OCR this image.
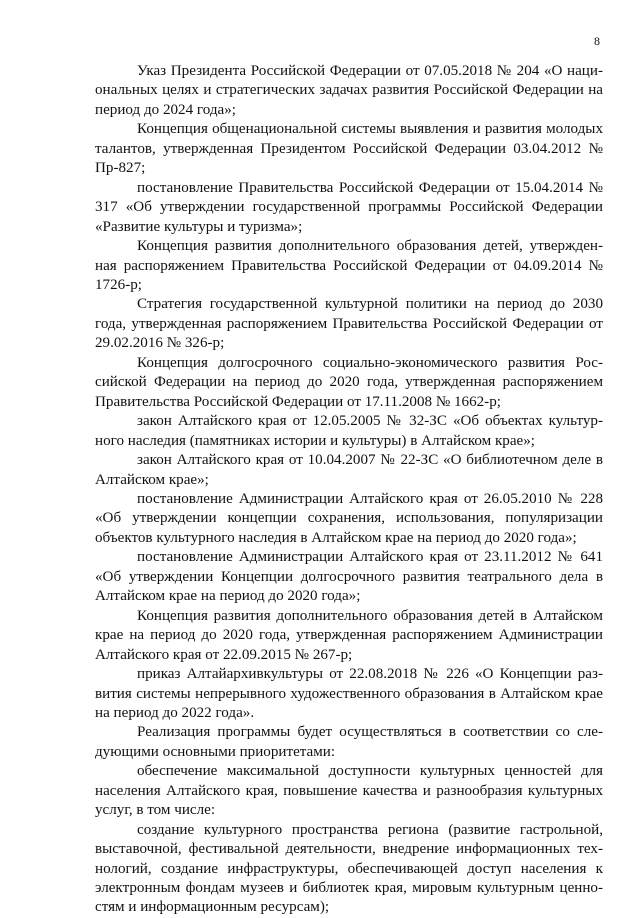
8

Указ Президента Российской Федерации от 07.05.2018 № 204 «О национальных целях и стратегических задачах развития Российской Федерации на период до 2024 года»;

Концепция общенациональной системы выявления и развития молодых талантов, утвержденная Президентом Российской Федерации 03.04.2012 № Пр-827;

постановление Правительства Российской Федерации от 15.04.2014 № 317 «Об утверждении государственной программы Российской Федерации «Развитие культуры и туризма»;

Концепция развития дополнительного образования детей, утвержденная распоряжением Правительства Российской Федерации от 04.09.2014 № 1726-р;

Стратегия государственной культурной политики на период до 2030 года, утвержденная распоряжением Правительства Российской Федерации от 29.02.2016 № 326-р;

Концепция долгосрочного социально-экономического развития Российской Федерации на период до 2020 года, утвержденная распоряжением Правительства Российской Федерации от 17.11.2008 № 1662-р;

закон Алтайского края от 12.05.2005 № 32-ЗС «Об объектах культурного наследия (памятниках истории и культуры) в Алтайском крае»;

закон Алтайского края от 10.04.2007 № 22-ЗС «О библиотечном деле в Алтайском крае»;

постановление Администрации Алтайского края от 26.05.2010 № 228 «Об утверждении концепции сохранения, использования, популяризации объектов культурного наследия в Алтайском крае на период до 2020 года»;

постановление Администрации Алтайского края от 23.11.2012 № 641 «Об утверждении Концепции долгосрочного развития театрального дела в Алтайском крае на период до 2020 года»;

Концепция развития дополнительного образования детей в Алтайском крае на период до 2020 года, утвержденная распоряжением Администрации Алтайского края от 22.09.2015 № 267-р;

приказ Алтайархивкультуры от 22.08.2018 № 226 «О Концепции развития системы непрерывного художественного образования в Алтайском крае на период до 2022 года».

Реализация программы будет осуществляться в соответствии со следующими основными приоритетами:

обеспечение максимальной доступности культурных ценностей для населения Алтайского края, повышение качества и разнообразия культурных услуг, в том числе:

создание культурного пространства региона (развитие гастрольной, выставочной, фестивальной деятельности, внедрение информационных технологий, создание инфраструктуры, обеспечивающей доступ населения к электронным фондам музеев и библиотек края, мировым культурным ценностям и информационным ресурсам);
